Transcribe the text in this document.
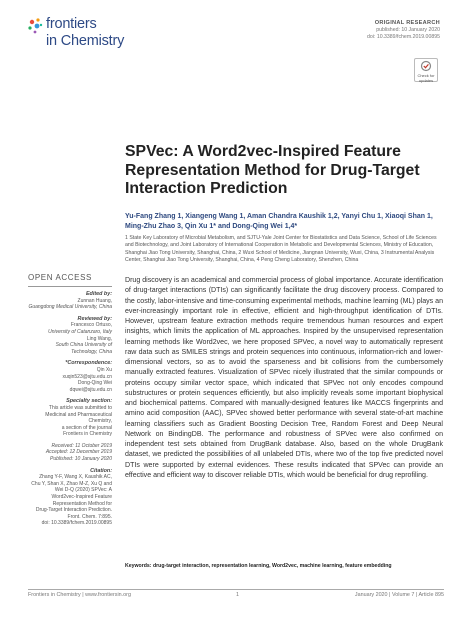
frontiers
in Chemistry
ORIGINAL RESEARCH
published: 10 January 2020
doi: 10.3389/fchem.2019.00895
Check for updates
SPVec: A Word2vec-Inspired Feature Representation Method for Drug-Target Interaction Prediction
Yu-Fang Zhang 1, Xiangeng Wang 1, Aman Chandra Kaushik 1,2, Yanyi Chu 1, Xiaoqi Shan 1, Ming-Zhu Zhao 3, Qin Xu 1* and Dong-Qing Wei 1,4*
1 State Key Laboratory of Microbial Metabolism, and SJTU-Yale Joint Center for Biostatistics and Data Science, School of Life Sciences and Biotechnology, and Joint Laboratory of International Cooperation in Metabolic and Developmental Sciences, Ministry of Education, Shanghai Jiao Tong University, Shanghai, China, 2 Wuxi School of Medicine, Jiangnan University, Wuxi, China, 3 Instrumental Analysis Center, Shanghai Jiao Tong University, Shanghai, China, 4 Peng Cheng Laboratory, Shenzhen, China
OPEN ACCESS
Edited by:
Zunnan Huang,
Guangdong Medical University, China
Reviewed by:
Francesco Ortuso,
University of Catanzaro, Italy
Ling Wang,
South China University of
Technology, China
*Correspondence:
Qin Xu
xuqin523@sjtu.edu.cn
Dong-Qing Wei
dqwei@sjtu.edu.cn
Specialty section:
This article was submitted to
Medicinal and Pharmaceutical
Chemistry,
a section of the journal
Frontiers in Chemistry
Received: 11 October 2019
Accepted: 12 December 2019
Published: 10 January 2020
Citation:
Zhang Y-F, Wang X, Kaushik AC,
Chu Y, Shan X, Zhao M-Z, Xu Q and
Wei D-Q (2020) SPVec: A
Word2vec-Inspired Feature
Representation Method for
Drug-Target Interaction Prediction.
Front. Chem. 7:895.
doi: 10.3389/fchem.2019.00895
Drug discovery is an academical and commercial process of global importance. Accurate identification of drug-target interactions (DTIs) can significantly facilitate the drug discovery process. Compared to the costly, labor-intensive and time-consuming experimental methods, machine learning (ML) plays an ever-increasingly important role in effective, efficient and high-throughput identification of DTIs. However, upstream feature extraction methods require tremendous human resources and expert insights, which limits the application of ML approaches. Inspired by the unsupervised representation learning methods like Word2vec, we here proposed SPVec, a novel way to automatically represent raw data such as SMILES strings and protein sequences into continuous, information-rich and lower-dimensional vectors, so as to avoid the sparseness and bit collisions from the cumbersomely manually extracted features. Visualization of SPVec nicely illustrated that the similar compounds or proteins occupy similar vector space, which indicated that SPVec not only encodes compound substructures or protein sequences efficiently, but also implicitly reveals some important biophysical and biochemical patterns. Compared with manually-designed features like MACCS fingerprints and amino acid composition (AAC), SPVec showed better performance with several state-of-art machine learning classifiers such as Gradient Boosting Decision Tree, Random Forest and Deep Neural Network on BindingDB. The performance and robustness of SPVec were also confirmed on independent test sets obtained from DrugBank database. Also, based on the whole DrugBank dataset, we predicted the possibilities of all unlabeled DTIs, where two of the top five predicted novel DTIs were supported by external evidences. These results indicated that SPVec can provide an effective and efficient way to discover reliable DTIs, which would be beneficial for drug reprofiling.
Keywords: drug-target interaction, representation learning, Word2vec, machine learning, feature embedding
Frontiers in Chemistry | www.frontiersin.org	1	January 2020 | Volume 7 | Article 895
